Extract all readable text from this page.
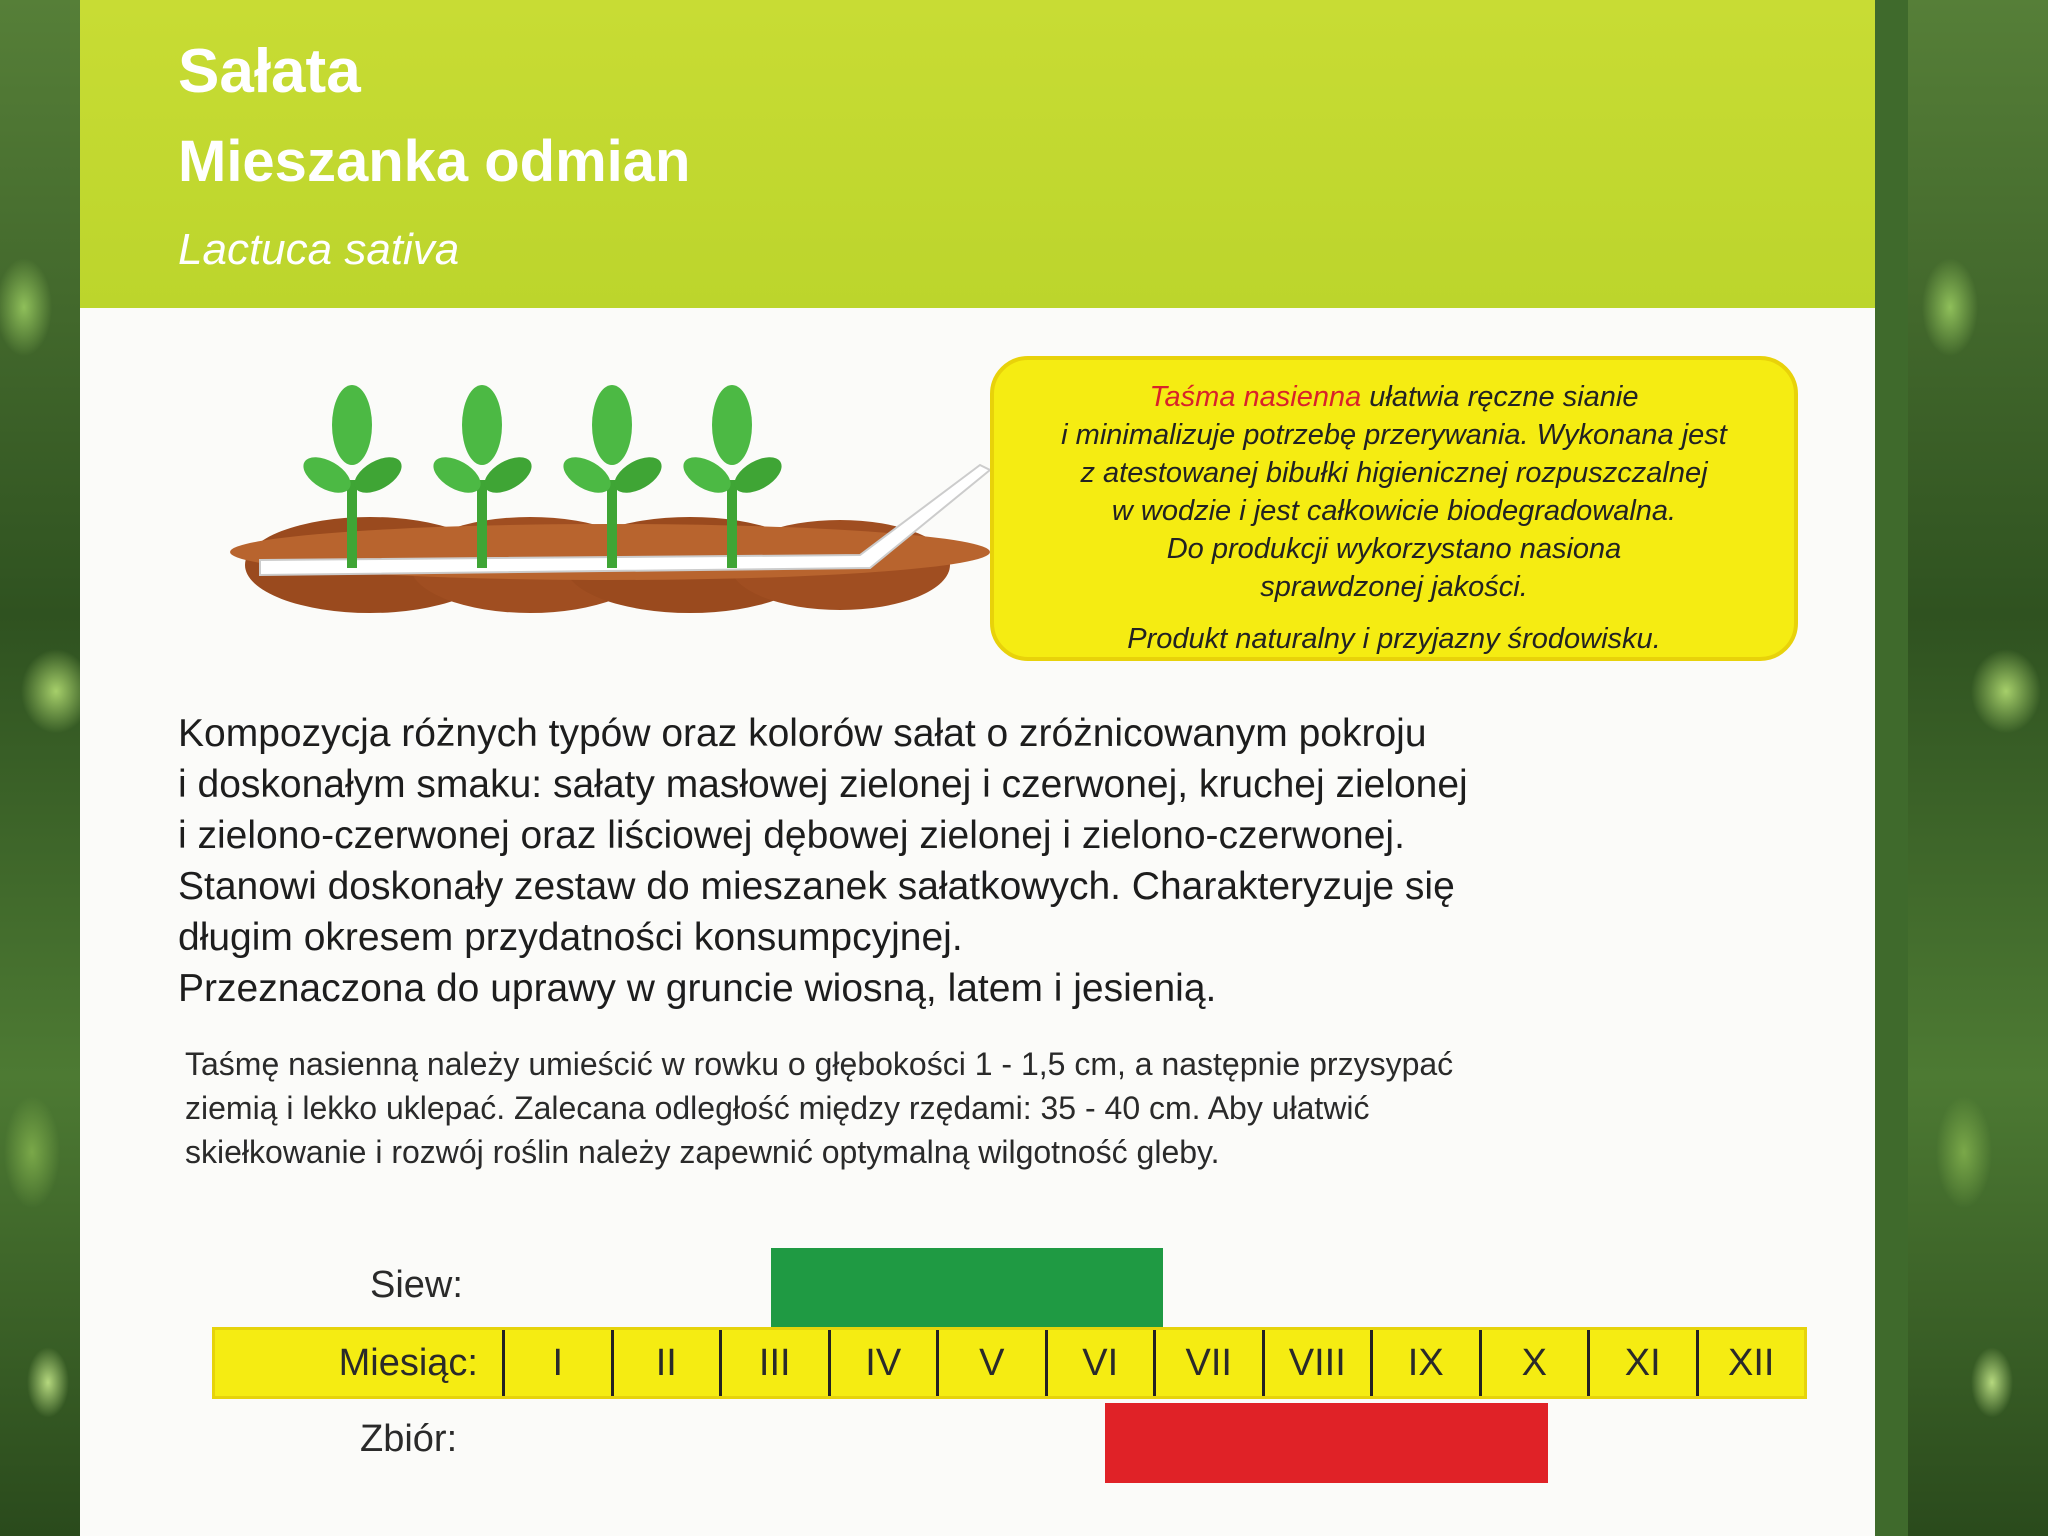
Sałata
Mieszanka odmian

Lactuca sativa

Taśma nasienna ułatwia ręczne sianie

i minimalizuje potrzebę przerywania. Wykonana jest

z atestowanej bibułki higienicznej rozpuszczalnej

w wodzie i jest całkowicie biodegradowalna.

Do produkcji wykorzystano nasiona

sprawdzonej jakości.

Produkt naturalny i przyjazny środowisku.

Kompozycja różnych typów oraz kolorów sałat o zróżnicowanym pokroju
i doskonałym smaku: sałaty masłowej zielonej i czerwonej, kruchej zielonej
i zielono-czerwonej oraz liściowej dębowej zielonej i zielono-czerwonej.
Stanowi doskonały zestaw do mieszanek sałatkowych. Charakteryzuje się
długim okresem przydatności konsumpcyjnej.
Przeznaczona do uprawy w gruncie wiosną, latem i jesienią.
Taśmę nasienną należy umieścić w rowku o głębokości 1 - 1,5 cm, a następnie przysypać
ziemią i lekko uklepać. Zalecana odległość między rzędami: 35 - 40 cm. Aby ułatwić
skiełkowanie i rozwój roślin należy zapewnić optymalną wilgotność gleby.
Siew:
Miesiąc:	I	II	III	IV	V	VI	VII	VIII	IX	X	XI	XII
Zbiór:
